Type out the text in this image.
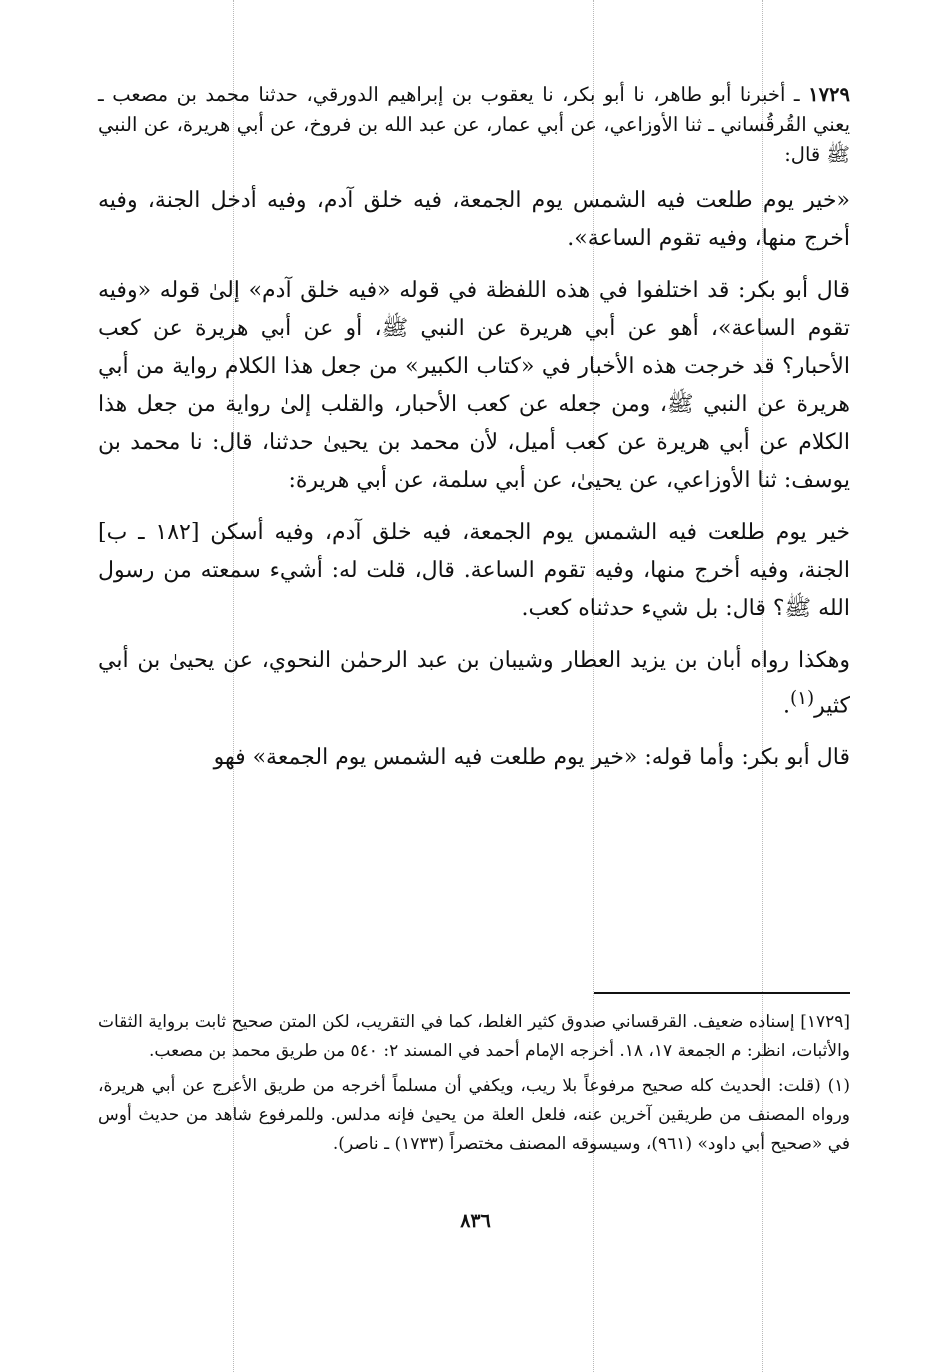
١٧٢٩ ـ أخبرنا أبو طاهر، نا أبو بكر، نا يعقوب بن إبراهيم الدورقي، حدثنا محمد بن مصعب ـ يعني القُرقُساني ـ ثنا الأوزاعي، عن أبي عمار، عن عبد الله بن فروخ، عن أبي هريرة، عن النبي ﷺ قال:

«خير يوم طلعت فيه الشمس يوم الجمعة، فيه خلق آدم، وفيه أدخل الجنة، وفيه أخرج منها، وفيه تقوم الساعة».

قال أبو بكر: قد اختلفوا في هذه اللفظة في قوله «فيه خلق آدم» إلىٰ قوله «وفيه تقوم الساعة»، أهو عن أبي هريرة عن النبي ﷺ، أو عن أبي هريرة عن كعب الأحبار؟ قد خرجت هذه الأخبار في «كتاب الكبير» من جعل هذا الكلام رواية من أبي هريرة عن النبي ﷺ، ومن جعله عن كعب الأحبار، والقلب إلىٰ رواية من جعل هذا الكلام عن أبي هريرة عن كعب أميل، لأن محمد بن يحيىٰ حدثنا، قال: نا محمد بن يوسف: ثنا الأوزاعي، عن يحيىٰ، عن أبي سلمة، عن أبي هريرة:

خير يوم طلعت فيه الشمس يوم الجمعة، فيه خلق آدم، وفيه أسكن [١٨٢ ـ ب] الجنة، وفيه أخرج منها، وفيه تقوم الساعة. قال، قلت له: أشيء سمعته من رسول الله ﷺ؟ قال: بل شيء حدثناه كعب.

وهكذا رواه أبان بن يزيد العطار وشيبان بن عبد الرحمٰن النحوي، عن يحيىٰ بن أبي كثير$^{(١)}$.

قال أبو بكر: وأما قوله: «خير يوم طلعت فيه الشمس يوم الجمعة» فهو

[١٧٢٩] إسناده ضعيف. القرقساني صدوق كثير الغلط، كما في التقريب، لكن المتن صحيح ثابت برواية الثقات والأثبات، انظر: م الجمعة ١٧، ١٨. أخرجه الإمام أحمد في المسند ٢: ٥٤٠ من طريق محمد بن مصعب.

(١) (قلت: الحديث كله صحيح مرفوعاً بلا ريب، ويكفي أن مسلماً أخرجه من طريق الأعرج عن أبي هريرة، ورواه المصنف من طريقين آخرين عنه، فلعل العلة من يحيىٰ فإنه مدلس. وللمرفوع شاهد من حديث أوس في «صحيح أبي داود» (٩٦١)، وسيسوقه المصنف مختصراً (١٧٣٣) ـ ناصر).

٨٣٦
